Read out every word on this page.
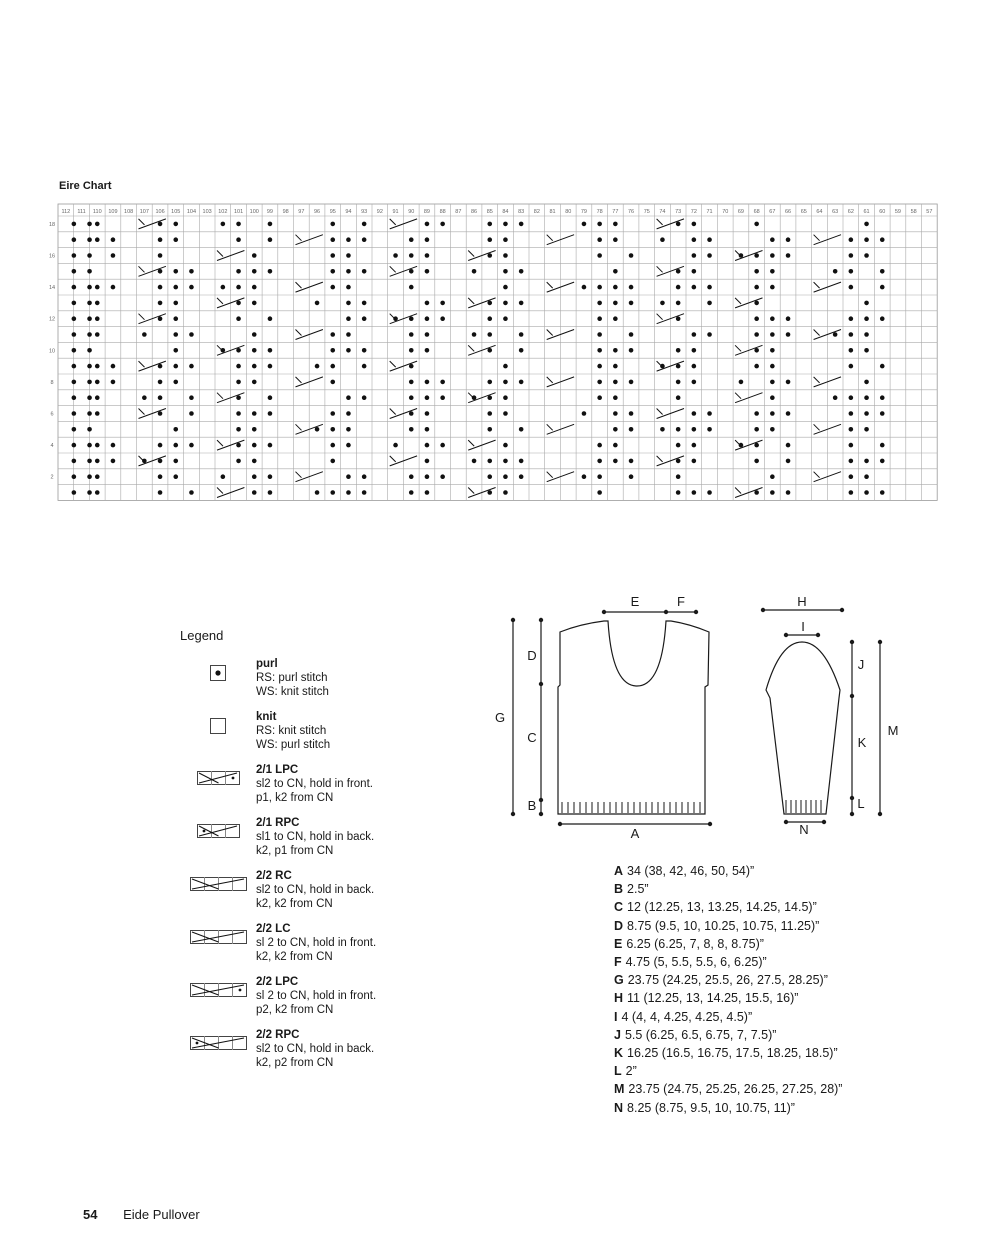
Eire Chart
112 111 110 109 108 107 106 105 104 103 102 101 100 99 98 97 96 95 94 93 92 91 90 89 88 87 86 85 84 83 82 81 80 79 78 77 76 75 74 73 72 71 70 69 68 67 66 65 64 63 62 61 60 59 58 57
18
16
14
12
10
8
6
4
2
Legend
purl
RS: purl stitch
WS: knit stitch
knit
RS: knit stitch
WS: purl stitch
2/1 LPC
sl2 to CN, hold in front.
p1, k2 from CN
2/1 RPC
sl1 to CN, hold in back.
k2, p1 from CN
2/2 RC
sl2 to CN, hold in back.
k2, k2 from CN
2/2 LC
sl 2 to CN, hold in front.
k2, k2 from CN
2/2 LPC
sl 2 to CN, hold in front.
p2, k2 from CN
2/2 RPC
sl2 to CN, hold in back.
k2, p2 from CN
E	F
D
G
C
B
A
H
I
J
K
M
L
N
A 34 (38, 42, 46, 50, 54)”
B 2.5”
C 12 (12.25, 13, 13.25, 14.25, 14.5)”
D 8.75 (9.5, 10, 10.25, 10.75, 11.25)”
E 6.25 (6.25, 7, 8, 8, 8.75)”
F 4.75 (5, 5.5, 5.5, 6, 6.25)”
G 23.75 (24.25, 25.5, 26, 27.5, 28.25)”
H 11 (12.25, 13, 14.25, 15.5, 16)”
I 4 (4, 4, 4.25, 4.25, 4.5)”
J 5.5 (6.25, 6.5, 6.75, 7, 7.5)”
K 16.25 (16.5, 16.75, 17.5, 18.25, 18.5)”
L 2”
M 23.75 (24.75, 25.25, 26.25, 27.25, 28)”
N 8.25 (8.75, 9.5, 10, 10.75, 11)”
54 Eide Pullover
